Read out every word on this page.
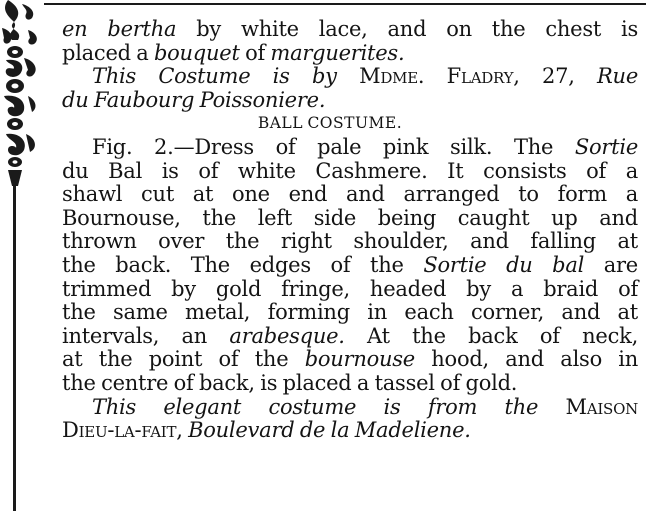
en bertha by white lace, and on the chest is
placed a bouquet of marguerites.
This Costume is by Mdme. Fladry, 27, Rue
du Faubourg Poissoniere.
BALL COSTUME.
Fig. 2.—Dress of pale pink silk. The Sortie
du Bal is of white Cashmere. It consists of a
shawl cut at one end and arranged to form a
Bournouse, the left side being caught up and
thrown over the right shoulder, and falling at
the back. The edges of the Sortie du bal are
trimmed by gold fringe, headed by a braid of
the same metal, forming in each corner, and at
intervals, an arabesque. At the back of neck,
at the point of the bournouse hood, and also in
the centre of back, is placed a tassel of gold.
This elegant costume is from the Maison
Dieu-la-fait, Boulevard de la Madeliene.
